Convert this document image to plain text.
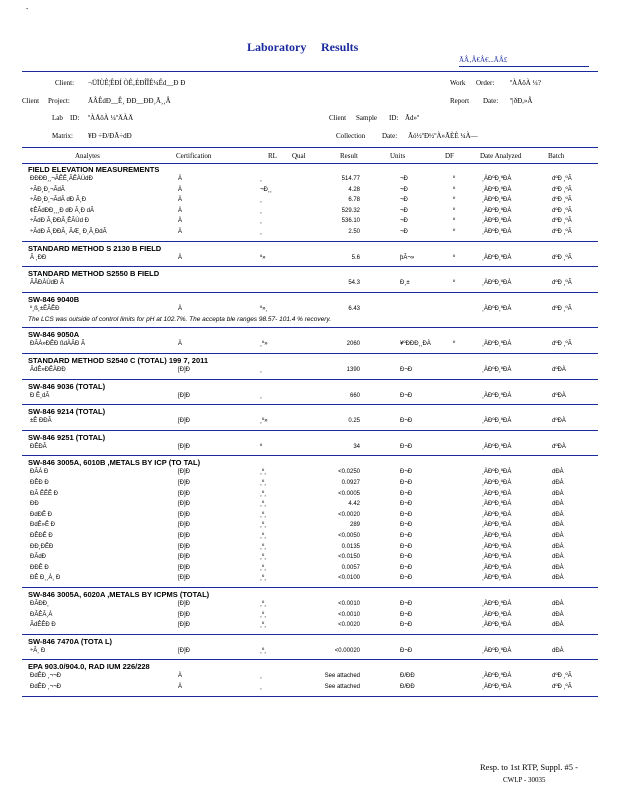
-
Laboratory Results
ÃÂ‚Â€Â€...ÃÂ£
Client: ¬ÜÏÙÊ¦ÊÐÍ ÒÊ‚ÉÐÎÎÊ¼Êd__Ð Ð	Work Order: ºÀÅõÀ ¼?
Client Project:	ÃÂÊdÐ__Ê¸ ÐÐ__ÐÐ¸Ã¸¸Â	Report Date: º|ðÐ,»Â
Lab ID: ºÀÅõÀ ¼ºÄÀÄ	Client Sample ID: Ãd»º
Matrix: ¥Ð ÷Ð/ÐÃ÷dÐ	Collection Date: Ãó½ºÐ½ºÀ»ÃÈÈ ¼À—
Analytes	Certification	RL Qual	Result	Units	DF	Date Analyzed	Batch
FIELD ELEVATION MEASUREMENTS
ÐÐÐÐ¸¸¬ÃÊÊ¸ÃÊÀÙdÐ	À	¸	514.77	¬Ð	º	¸ÀÐºÐ¸ºÐÀ	dºÐ ¸ºÃ
÷ÃÐ¸Ð¸¬ÃdÃ	À	¬Ð¸¸	4.28	¬Ð	º	¸ÀÐºÐ¸ºÐÀ	dºÐ ¸ºÃ
÷ÃÐ¸Ð¸¬ÃdÃ dÐ Ã¸Ð	À	¸	6.78	¬Ð	º	¸ÀÐºÐ¸ºÐÀ	dºÐ ¸ºÃ
¢ÊÃdÐÐ¸¸¸Ð dÐ Ã¸Ð dÃ	À	¸	529.32	¬Ð	º	¸ÀÐºÐ¸ºÐÀ	dºÐ ¸ºÃ
÷ÃdÐ Ã¸ÐÐÃ¸ÊÃÙd Ð	À	¸	536.10	¬Ð	º	¸ÀÐºÐ¸ºÐÀ	dºÐ ¸ºÃ
÷ÃdÐ Ã¸ÐÐÃ¸ ÃÆ¸ Ð¸Ã¸ÐdÃ	À	¸	2.50	¬Ð	º	¸ÀÐºÐ¸ºÐÀ	dºÐ ¸ºÃ
STANDARD METHOD S 2130 B FIELD
Ã ¸ÐÐ	À	º»	5.6	þÃ¬»	º	¸ÀÐºÐ¸ºÐÀ	dºÐ ¸ºÃ
STANDARD METHOD S2550 B FIELD
ÃÂÐÀÙdÐ Ã	54.3	Ð¸±	º	¸ÀÐºÐ¸ºÐÀ	dºÐ ¸ºÃ
SW-846 9040B
º¸ß¸±ÊÃÊÐ	À	º»¸	6.43	¸ÀÐºÐ¸ºÐÀ	dºÐ ¸ºÃ
The LCS was outside of control limits for pH at 102.7%. The accepta ble ranges 98.57- 101.4 % recovery.
SW-846 9050A
ÐÃÀ»ÐÊÐ ßdÀÃÐ Ã	À	¸º»	2060	¥ºÐÐÐ¸¸ÐÀ	º	¸ÀÐºÐ¸ºÐÀ	dºÐ ¸ºÃ
STANDARD METHOD S2540 C (TOTAL) 199 7, 2011
ÃdÊ»ÐÊÀÐÐ	[Ð]Ð	¸	1390	Ð¬Ð	¸ÀÐºÐ¸ºÐÀ	dºÐÀ
SW-846 9036 (TOTAL)
Ð Ê¸dÃ	[Ð]Ð	¸	660	Ð¬Ð	¸ÀÐºÐ¸ºÐÀ	dºÐÀ
SW-846 9214 (TOTAL)
±Ê ÐÐÃ	[Ð]Ð	¸º»	0.25	Ð¬Ð	¸ÀÐºÐ¸ºÐÀ	dºÐÀ
SW-846 9251 (TOTAL)
ÐÊÐÃ	[Ð]Ð	º	34	Ð¬Ð	¸ÀÐºÐ¸ºÐÀ	dºÐÀ
SW-846 3005A, 6010B ,METALS BY ICP (TO TAL)
ÐÃÀ Ð	[Ð]Ð	¸º¸	<0.0250	Ð¬Ð	¸ÀÐºÐ¸ºÐÀ	dÐÀ
ÐÊÐ Ð	[Ð]Ð	¸º¸	0.0927	Ð¬Ð	¸ÀÐºÐ¸ºÐÀ	dÐÀ
ÐÃ ÊÊÊ Ð	[Ð]Ð	¸º¸	<0.0005	Ð¬Ð	¸ÀÐºÐ¸ºÐÀ	dÐÀ
ÐÐ	[Ð]Ð	¸º¸	4.42	Ð¬Ð	¸ÀÐºÐ¸ºÐÀ	dÐÀ
ÐdÐÊ Ð	[Ð]Ð	¸º¸	<0.0020	Ð¬Ð	¸ÀÐºÐ¸ºÐÀ	dÐÀ
ÐdÊ»Ê Ð	[Ð]Ð	¸º¸	289	Ð¬Ð	¸ÀÐºÐ¸ºÐÀ	dÐÀ
ÐÊÐÊ Ð	[Ð]Ð	¸º¸	<0.0050	Ð¬Ð	¸ÀÐºÐ¸ºÐÀ	dÐÀ
ÐÐ¸ÐÊÐ	[Ð]Ð	¸º¸	0.0135	Ð¬Ð	¸ÀÐºÐ¸ºÐÀ	dÐÀ
ÐÃdÐ	[Ð]Ð	¸º¸	<0.0150	Ð¬Ð	¸ÀÐºÐ¸ºÐÀ	dÐÀ
ÐÐÊ Ð	[Ð]Ð	¸º¸	0.0057	Ð¬Ð	¸ÀÐºÐ¸ºÐÀ	dÐÀ
ÐÊ Ð¸¸À¸ Ð	[Ð]Ð	¸º¸	<0.0100	Ð¬Ð	¸ÀÐºÐ¸ºÐÀ	dÐÀ
SW-846 3005A, 6020A ,METALS BY ICPMS (TOTAL)
ÐÃÐÐ¸	[Ð]Ð	¸º¸	<0.0010	Ð¬Ð	¸ÀÐºÐ¸ºÐÀ	dÐÀ
ÐÃÊÃ¸À	[Ð]Ð	¸º¸	<0.0010	Ð¬Ð	¸ÀÐºÐ¸ºÐÀ	dÐÀ
ÃdÊÊÐ Ð	[Ð]Ð	¸º¸	<0.0020	Ð¬Ð	¸ÀÐºÐ¸ºÐÀ	dÐÀ
SW-846 7470A (TOTA L)
÷Ã¸ Ð	[Ð]Ð	¸º¸	<0.00020	Ð¬Ð	¸ÀÐºÐ¸ºÐÀ	dÐÀ
EPA 903.0/904.0, RAD IUM 226/228
ÐdÊÐ ¸¬¬Ð	À	¸	See attached	Ð/ÐÐ	¸ÀÐºÐ¸ºÐÀ	dºÐ ¸ºÃ
ÐdÊÐ ¸¬¬Ð	À	¸	See attached	Ð/ÐÐ	¸ÀÐºÐ¸ºÐÀ	dºÐ ¸ºÃ
Resp. to 1st RTP, Suppl. #5 -
CWLP - 30035
